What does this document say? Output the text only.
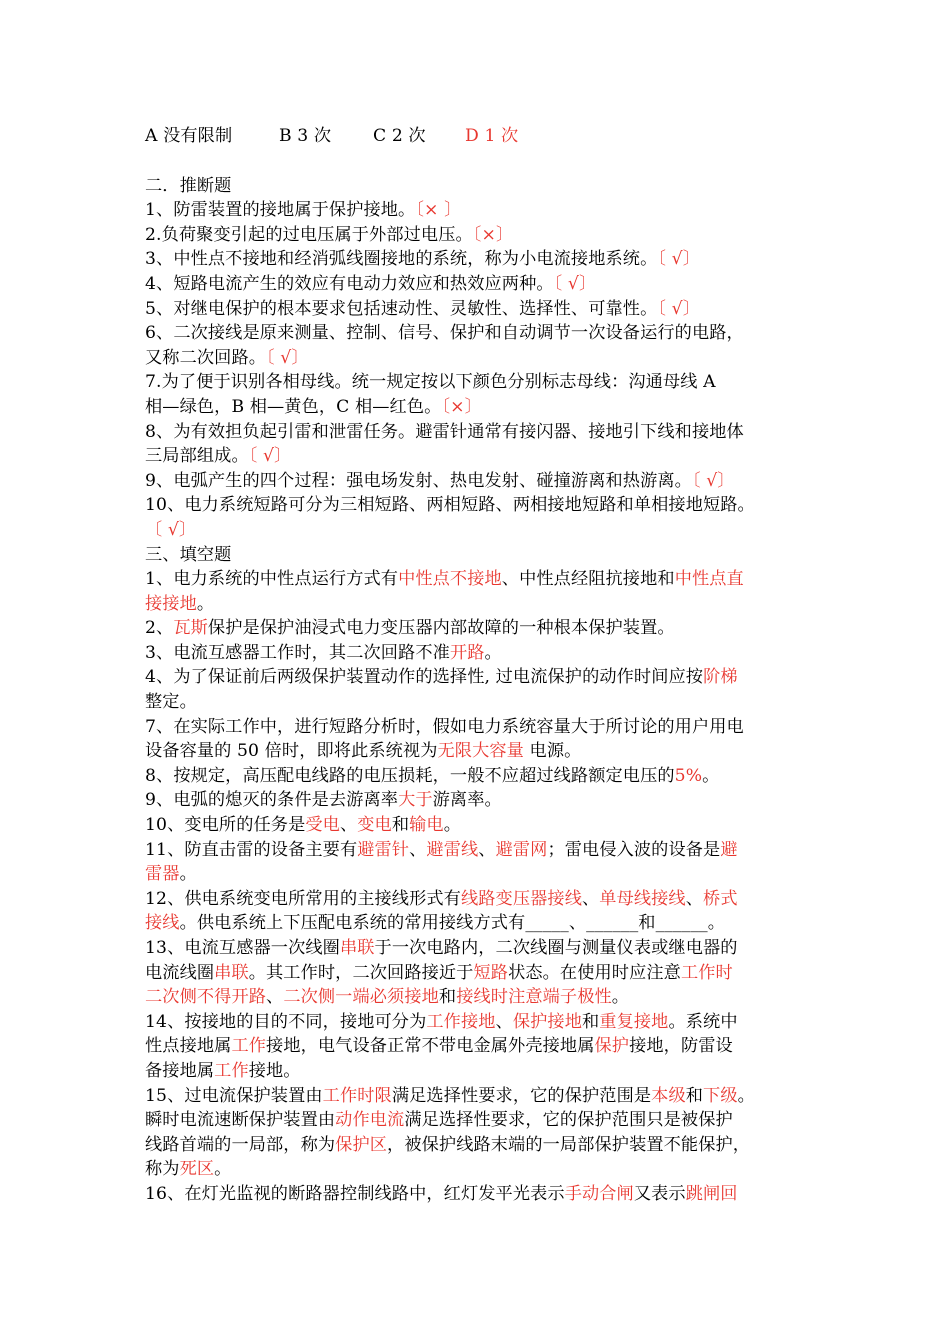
A 没有限制	B 3 次 C 2 次 D 1 次
二．推断题
1、防雷装置的接地属于保护接地。〔× 〕
2.负荷聚变引起的过电压属于外部过电压。〔×〕
3、中性点不接地和经消弧线圈接地的系统，称为小电流接地系统。〔 √〕
4、短路电流产生的效应有电动力效应和热效应两种。〔 √〕
5、对继电保护的根本要求包括速动性、灵敏性、选择性、可靠性。〔 √〕
6、二次接线是原来测量、控制、信号、保护和自动调节一次设备运行的电路，
又称二次回路。〔 √〕
7.为了便于识别各相母线。统一规定按以下颜色分别标志母线：沟通母线 A
相—绿色，B 相—黄色，C 相—红色。〔×〕
8、为有效担负起引雷和泄雷任务。避雷针通常有接闪器、接地引下线和接地体
三局部组成。〔 √〕
9、电弧产生的四个过程：强电场发射、热电发射、碰撞游离和热游离。〔 √〕
10、电力系统短路可分为三相短路、两相短路、两相接地短路和单相接地短路。
〔 √〕
三、填空题
1、电力系统的中性点运行方式有中性点不接地、中性点经阻抗接地和中性点直
接接地。
2、瓦斯保护是保护油浸式电力变压器内部故障的一种根本保护装置。
3、电流互感器工作时，其二次回路不准开路。
4、为了保证前后两级保护装置动作的选择性, 过电流保护的动作时间应按阶梯
整定。
7、在实际工作中，进行短路分析时，假如电力系统容量大于所讨论的用户用电
设备容量的 50 倍时，即将此系统视为无限大容量 电源。
8、按规定，高压配电线路的电压损耗，一般不应超过线路额定电压的5%。
9、电弧的熄灭的条件是去游离率大于游离率。
10、变电所的任务是受电、变电和输电。
11、防直击雷的设备主要有避雷针、避雷线、避雷网；雷电侵入波的设备是避
雷器。
12、供电系统变电所常用的主接线形式有线路变压器接线、单母线接线、桥式
接线。供电系统上下压配电系统的常用接线方式有_____、______和______。
13、电流互感器一次线圈串联于一次电路内，二次线圈与测量仪表或继电器的
电流线圈串联。其工作时，二次回路接近于短路状态。在使用时应注意工作时
二次侧不得开路、二次侧一端必须接地和接线时注意端子极性。
14、按接地的目的不同，接地可分为工作接地、保护接地和重复接地。系统中
性点接地属工作接地，电气设备正常不带电金属外壳接地属保护接地，防雷设
备接地属工作接地。
15、过电流保护装置由工作时限满足选择性要求，它的保护范围是本级和下级。
瞬时电流速断保护装置由动作电流满足选择性要求，它的保护范围只是被保护
线路首端的一局部，称为保护区，被保护线路末端的一局部保护装置不能保护，
称为死区。
16、在灯光监视的断路器控制线路中，红灯发平光表示手动合闸又表示跳闸回
